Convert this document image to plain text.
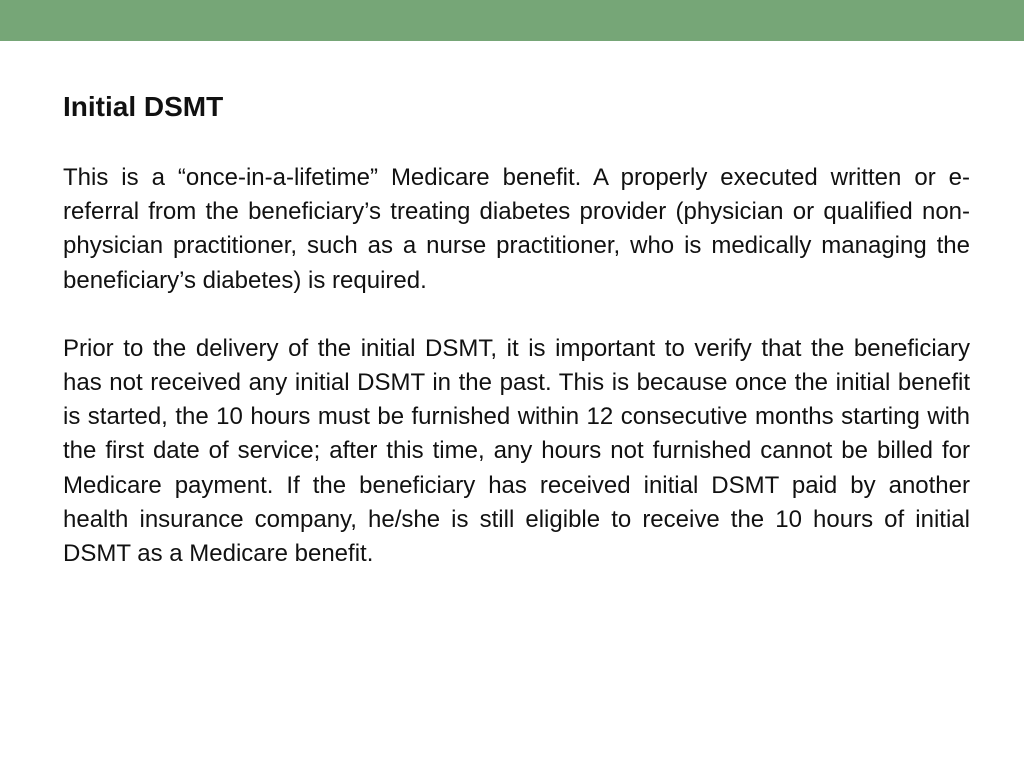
Initial DSMT

This is a “once-in-a-lifetime” Medicare benefit. A properly executed written or e-referral from the beneficiary’s treating diabetes provider (physician or qualified non-physician practitioner, such as a nurse practitioner, who is medically managing the beneficiary’s diabetes) is required.

Prior to the delivery of the initial DSMT, it is important to verify that the beneficiary has not received any initial DSMT in the past. This is because once the initial benefit is started, the 10 hours must be furnished within 12 consecutive months starting with the first date of service; after this time, any hours not furnished cannot be billed for Medicare payment. If the beneficiary has received initial DSMT paid by another health insurance company, he/she is still eligible to receive the 10 hours of initial DSMT as a Medicare benefit.
